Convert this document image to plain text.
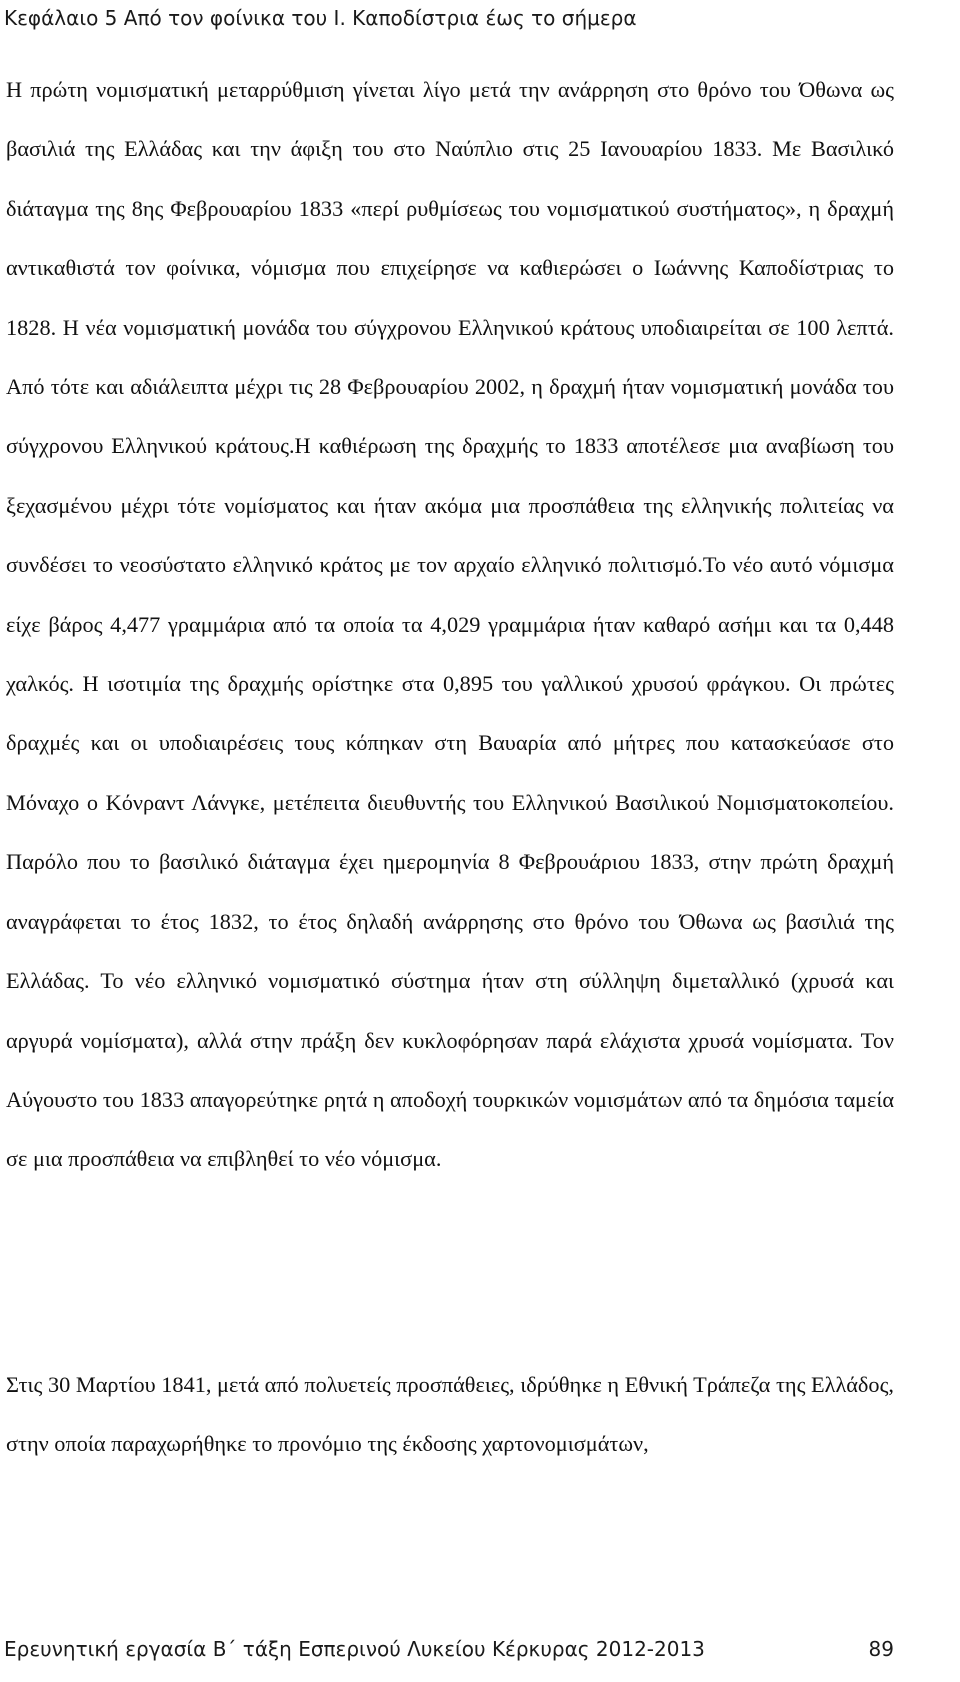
Κεφάλαιο 5 Από τον φοίνικα του Ι. Καποδίστρια έως το σήμερα

Η πρώτη νομισματική μεταρρύθμιση γίνεται λίγο μετά την ανάρρηση στο θρόνο του Όθωνα ως βασιλιά της Ελλάδας και την άφιξη του στο Ναύπλιο στις 25 Ιανουαρίου 1833. Με Βασιλικό διάταγμα της 8ης Φεβρουαρίου 1833 «περί ρυθμίσεως του νομισματικού συστήματος», η δραχμή αντικαθιστά τον φοίνικα, νόμισμα που επιχείρησε να καθιερώσει ο Ιωάννης Καποδίστριας το 1828. Η νέα νομισματική μονάδα του σύγχρονου Ελληνικού κράτους υποδιαιρείται σε 100 λεπτά. Από τότε και αδιάλειπτα μέχρι τις 28 Φεβρουαρίου 2002, η δραχμή ήταν νομισματική μονάδα του σύγχρονου Ελληνικού κράτους.Η καθιέρωση της δραχμής το 1833 αποτέλεσε μια αναβίωση του ξεχασμένου μέχρι τότε νομίσματος και ήταν ακόμα μια προσπάθεια της ελληνικής πολιτείας να συνδέσει το νεοσύστατο ελληνικό κράτος με τον αρχαίο ελληνικό πολιτισμό.Το νέο αυτό νόμισμα είχε βάρος 4,477 γραμμάρια από τα οποία τα 4,029 γραμμάρια ήταν καθαρό ασήμι και τα 0,448 χαλκός. Η ισοτιμία της δραχμής ορίστηκε στα 0,895 του γαλλικού χρυσού φράγκου. Οι πρώτες δραχμές και οι υποδιαιρέσεις τους κόπηκαν στη Βαυαρία από μήτρες που κατασκεύασε στο Μόναχο ο Κόνραντ Λάνγκε, μετέπειτα διευθυντής του Ελληνικού Βασιλικού Νομισματοκοπείου. Παρόλο που το βασιλικό διάταγμα έχει ημερομηνία 8 Φεβρουάριου 1833, στην πρώτη δραχμή αναγράφεται το έτος 1832, το έτος δηλαδή ανάρρησης στο θρόνο του Όθωνα ως βασιλιά της Ελλάδας. Το νέο ελληνικό νομισματικό σύστημα ήταν στη σύλληψη διμεταλλικό (χρυσά και αργυρά νομίσματα), αλλά στην πράξη δεν κυκλοφόρησαν παρά ελάχιστα χρυσά νομίσματα. Τον Αύγουστο του 1833 απαγορεύτηκε ρητά η αποδοχή τουρκικών νομισμάτων από τα δημόσια ταμεία σε μια προσπάθεια να επιβληθεί το νέο νόμισμα.

Στις 30 Μαρτίου 1841, μετά από πολυετείς προσπάθειες, ιδρύθηκε η Εθνική Τράπεζα της Ελλάδος, στην οποία παραχωρήθηκε το προνόμιο της έκδοσης χαρτονομισμάτων,

Ερευνητική εργασία Β΄ τάξη Εσπερινού Λυκείου Κέρκυρας 2012-2013	89
